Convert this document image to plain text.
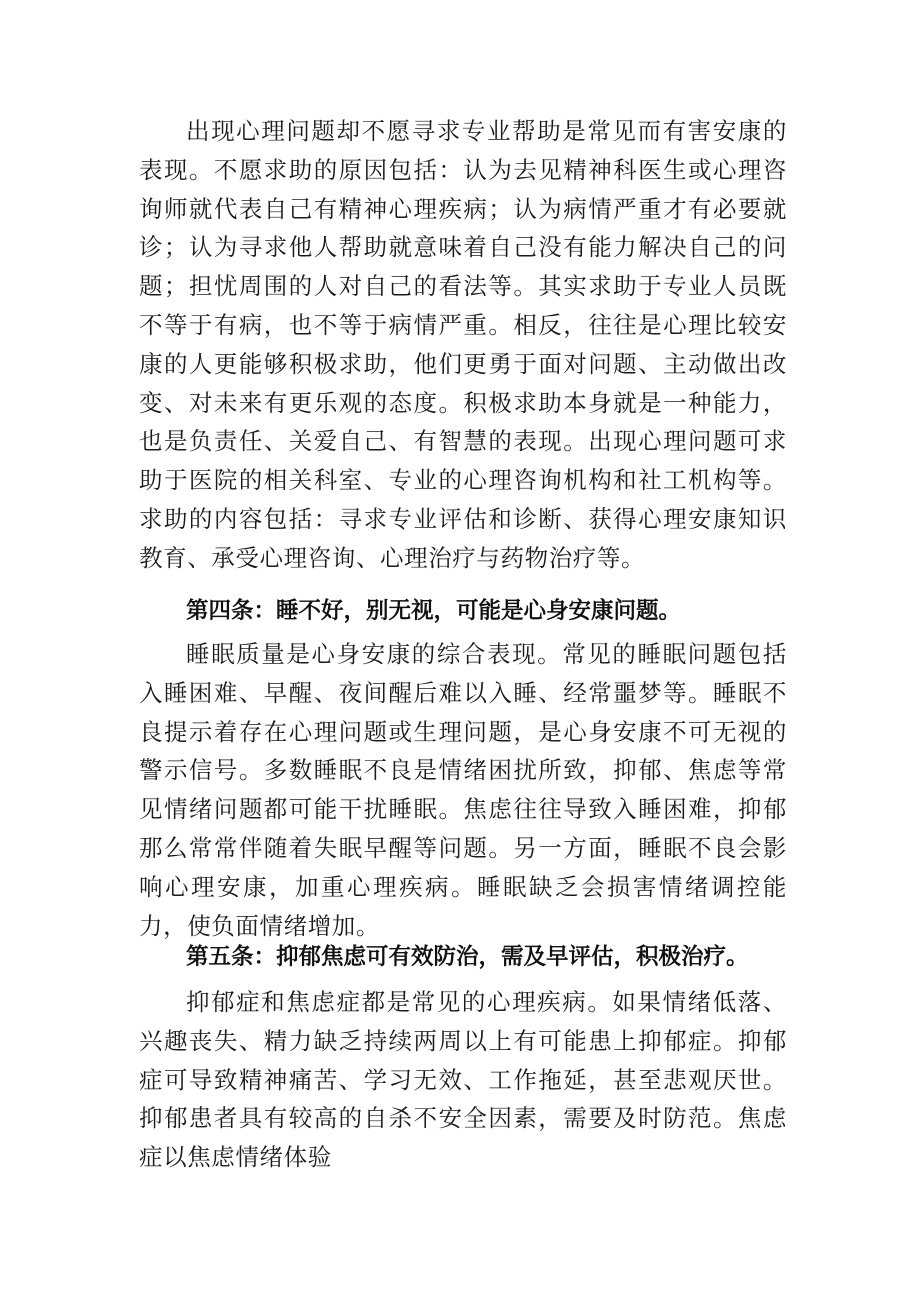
出现心理问题却不愿寻求专业帮助是常见而有害安康的表现。不愿求助的原因包括：认为去见精神科医生或心理咨询师就代表自己有精神心理疾病；认为病情严重才有必要就诊；认为寻求他人帮助就意味着自己没有能力解决自己的问题；担忧周围的人对自己的看法等。其实求助于专业人员既不等于有病，也不等于病情严重。相反，往往是心理比较安康的人更能够积极求助，他们更勇于面对问题、主动做出改变、对未来有更乐观的态度。积极求助本身就是一种能力，也是负责任、关爱自己、有智慧的表现。出现心理问题可求助于医院的相关科室、专业的心理咨询机构和社工机构等。求助的内容包括：寻求专业评估和诊断、获得心理安康知识教育、承受心理咨询、心理治疗与药物治疗等。

第四条：睡不好，别无视，可能是心身安康问题。

睡眠质量是心身安康的综合表现。常见的睡眠问题包括入睡困难、早醒、夜间醒后难以入睡、经常噩梦等。睡眠不良提示着存在心理问题或生理问题，是心身安康不可无视的警示信号。多数睡眠不良是情绪困扰所致，抑郁、焦虑等常见情绪问题都可能干扰睡眠。焦虑往往导致入睡困难，抑郁那么常常伴随着失眠早醒等问题。另一方面，睡眠不良会影响心理安康，加重心理疾病。睡眠缺乏会损害情绪调控能力，使负面情绪增加。

第五条：抑郁焦虑可有效防治，需及早评估，积极治疗。

抑郁症和焦虑症都是常见的心理疾病。如果情绪低落、兴趣丧失、精力缺乏持续两周以上有可能患上抑郁症。抑郁症可导致精神痛苦、学习无效、工作拖延，甚至悲观厌世。抑郁患者具有较高的自杀不安全因素，需要及时防范。焦虑症以焦虑情绪体验
